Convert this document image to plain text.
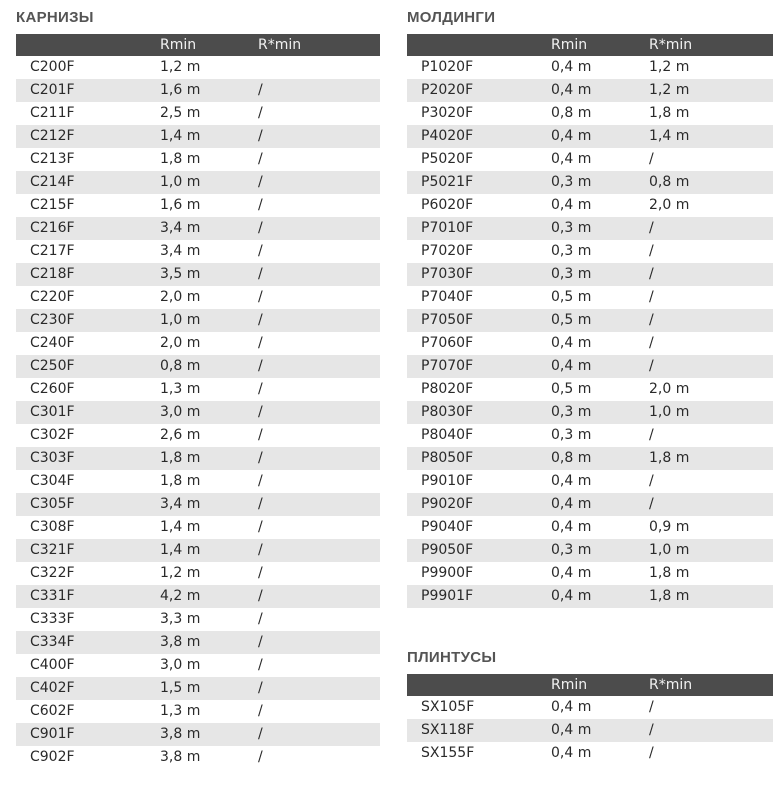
КАРНИЗЫ
	Rmin	R*min
C200F	1,2 m	
C201F	1,6 m	/
C211F	2,5 m	/
C212F	1,4 m	/
C213F	1,8 m	/
C214F	1,0 m	/
C215F	1,6 m	/
C216F	3,4 m	/
C217F	3,4 m	/
C218F	3,5 m	/
C220F	2,0 m	/
C230F	1,0 m	/
C240F	2,0 m	/
C250F	0,8 m	/
C260F	1,3 m	/
C301F	3,0 m	/
C302F	2,6 m	/
C303F	1,8 m	/
C304F	1,8 m	/
C305F	3,4 m	/
C308F	1,4 m	/
C321F	1,4 m	/
C322F	1,2 m	/
C331F	4,2 m	/
C333F	3,3 m	/
C334F	3,8 m	/
C400F	3,0 m	/
C402F	1,5 m	/
C602F	1,3 m	/
C901F	3,8 m	/
C902F	3,8 m	/
МОЛДИНГИ
	Rmin	R*min
P1020F	0,4 m	1,2 m
P2020F	0,4 m	1,2 m
P3020F	0,8 m	1,8 m
P4020F	0,4 m	1,4 m
P5020F	0,4 m	/
P5021F	0,3 m	0,8 m
P6020F	0,4 m	2,0 m
P7010F	0,3 m	/
P7020F	0,3 m	/
P7030F	0,3 m	/
P7040F	0,5 m	/
P7050F	0,5 m	/
P7060F	0,4 m	/
P7070F	0,4 m	/
P8020F	0,5 m	2,0 m
P8030F	0,3 m	1,0 m
P8040F	0,3 m	/
P8050F	0,8 m	1,8 m
P9010F	0,4 m	/
P9020F	0,4 m	/
P9040F	0,4 m	0,9 m
P9050F	0,3 m	1,0 m
P9900F	0,4 m	1,8 m
P9901F	0,4 m	1,8 m
ПЛИНТУСЫ
	Rmin	R*min
SX105F	0,4 m	/
SX118F	0,4 m	/
SX155F	0,4 m	/
